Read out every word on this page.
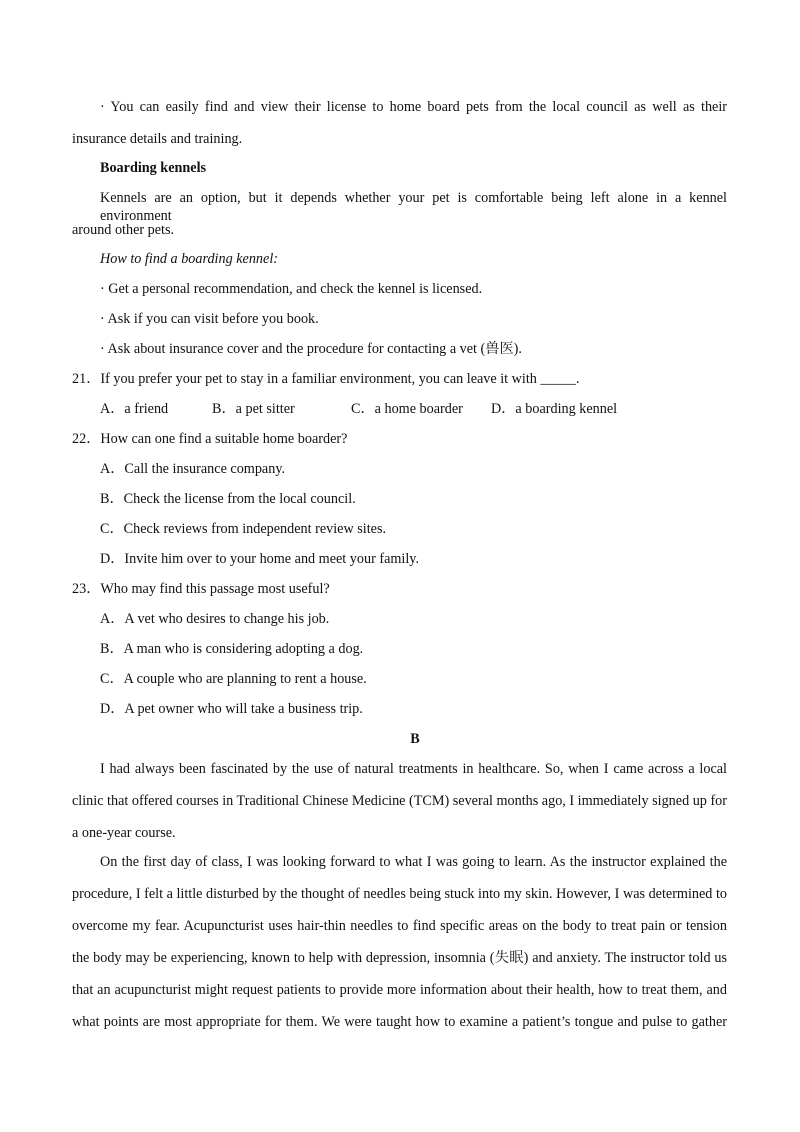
· You can easily find and view their license to home board pets from the local council as well as their
insurance details and training.
Boarding kennels
Kennels are an option, but it depends whether your pet is comfortable being left alone in a kennel environment
around other pets.
How to find a boarding kennel:
· Get a personal recommendation, and check the kennel is licensed.
· Ask if you can visit before you book.
· Ask about insurance cover and the procedure for contacting a vet (兽医).
21．If you prefer your pet to stay in a familiar environment, you can leave it with _____.
A．a friend	B．a pet sitter	C．a home boarder D．a boarding kennel
22．How can one find a suitable home boarder?
A．Call the insurance company.
B．Check the license from the local council.
C．Check reviews from independent review sites.
D．Invite him over to your home and meet your family.
23．Who may find this passage most useful?
A．A vet who desires to change his job.
B．A man who is considering adopting a dog.
C．A couple who are planning to rent a house.
D．A pet owner who will take a business trip.
B
I had always been fascinated by the use of natural treatments in healthcare. So, when I came across a local
clinic that offered courses in Traditional Chinese Medicine (TCM) several months ago, I immediately signed up for
a one-year course.
On the first day of class, I was looking forward to what I was going to learn. As the instructor explained the
procedure, I felt a little disturbed by the thought of needles being stuck into my skin. However, I was determined to
overcome my fear. Acupuncturist uses hair-thin needles to find specific areas on the body to treat pain or tension
the body may be experiencing, known to help with depression, insomnia (失眠) and anxiety. The instructor told us
that an acupuncturist might request patients to provide more information about their health, how to treat them, and
what points are most appropriate for them. We were taught how to examine a patient’s tongue and pulse to gather
